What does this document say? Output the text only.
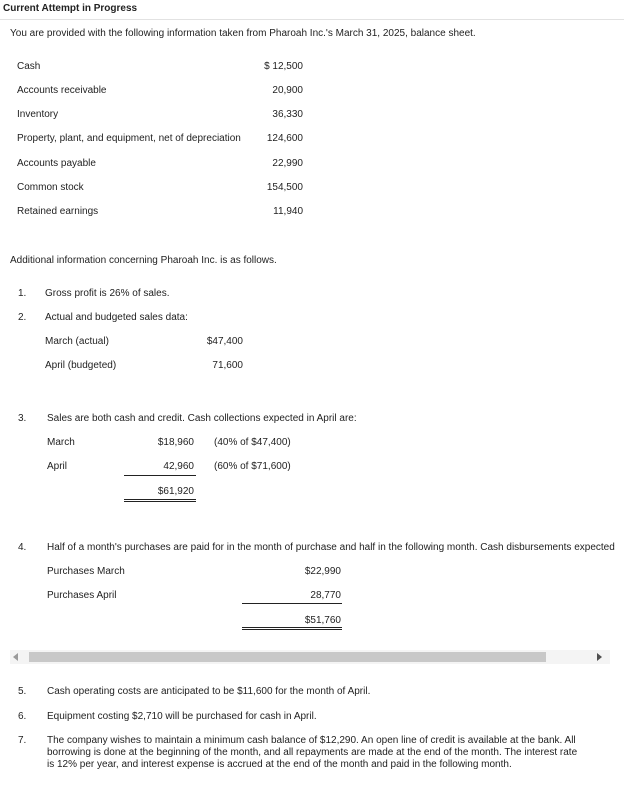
Current Attempt in Progress
You are provided with the following information taken from Pharoah Inc.'s March 31, 2025, balance sheet.
Cash	$ 12,500
Accounts receivable	20,900
Inventory	36,330
Property, plant, and equipment, net of depreciation	124,600
Accounts payable	22,990
Common stock	154,500
Retained earnings	11,940
Additional information concerning Pharoah Inc. is as follows.
1. Gross profit is 26% of sales.
2. Actual and budgeted sales data:
March (actual)	$47,400
April (budgeted)	71,600
3. Sales are both cash and credit. Cash collections expected in April are:
March	$18,960 (40% of $47,400)
April	42,960 (60% of $71,600)
$61,920
4. Half of a month's purchases are paid for in the month of purchase and half in the following month. Cash disbursements expected
Purchases March	$22,990
Purchases April	28,770
$51,760
5. Cash operating costs are anticipated to be $11,600 for the month of April.
6. Equipment costing $2,710 will be purchased for cash in April.
7. The company wishes to maintain a minimum cash balance of $12,290. An open line of credit is available at the bank. All borrowing is done at the beginning of the month, and all repayments are made at the end of the month. The interest rate is 12% per year, and interest expense is accrued at the end of the month and paid in the following month.
